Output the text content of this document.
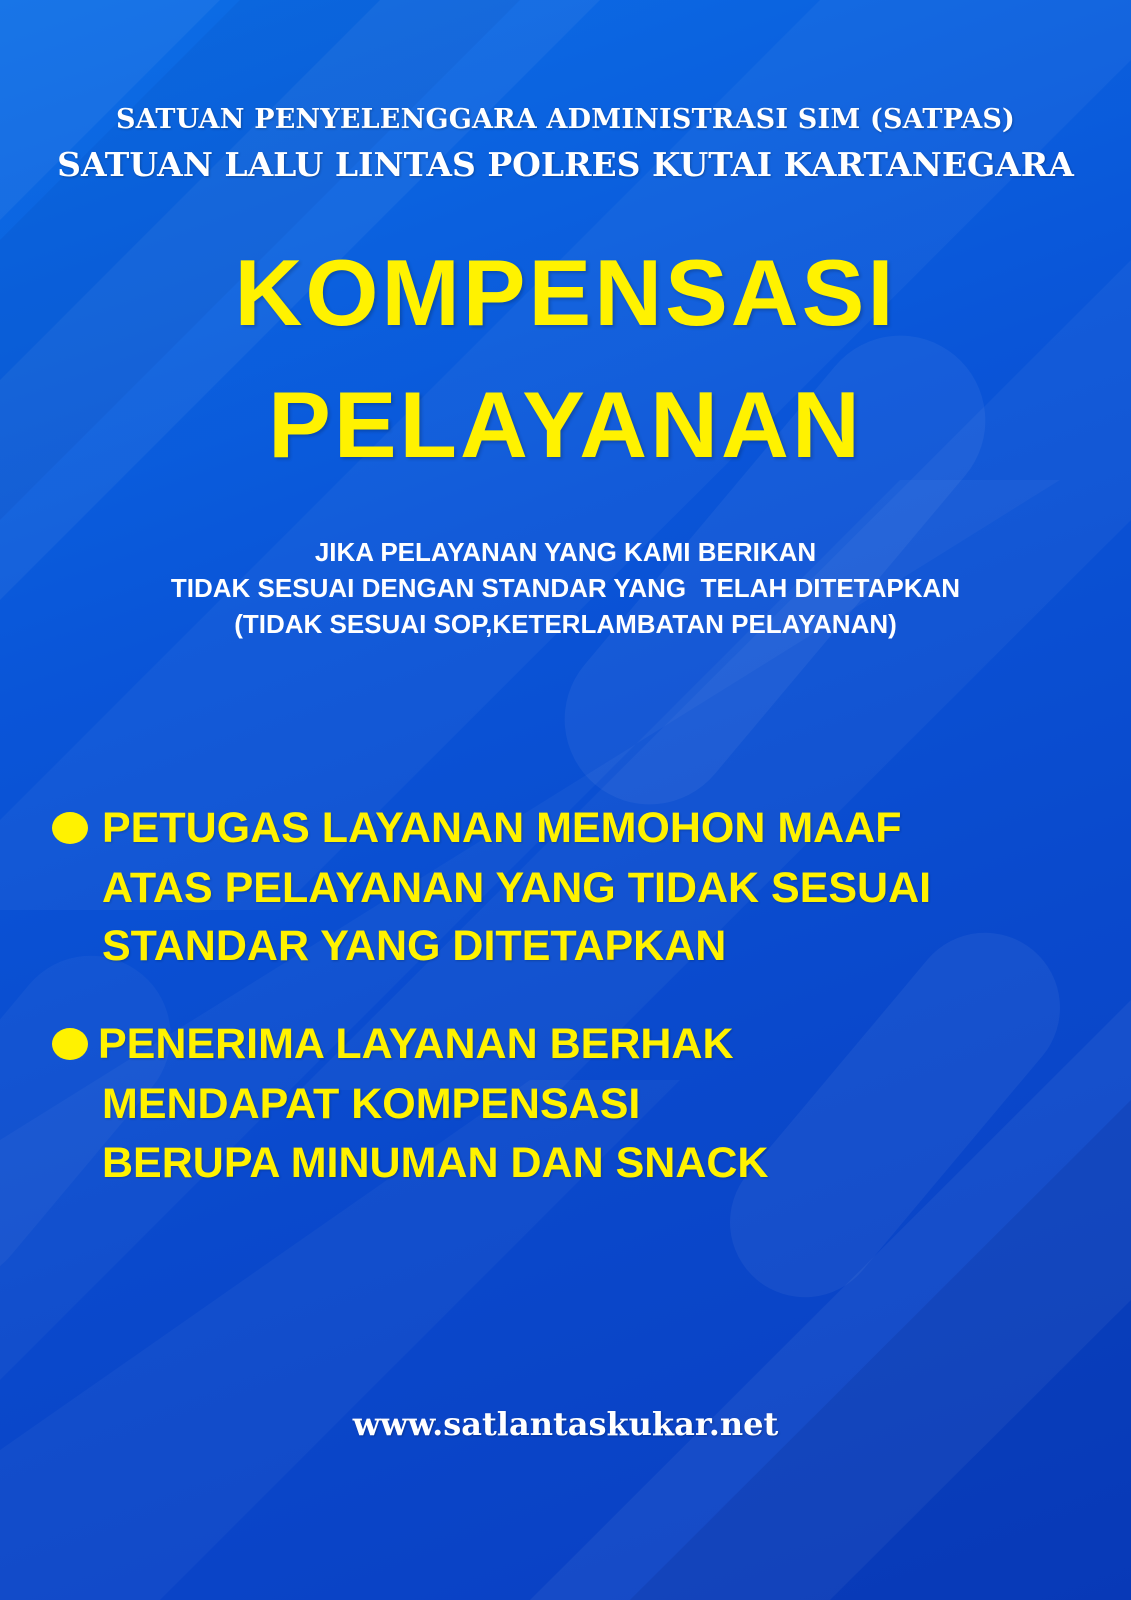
SATUAN PENYELENGGARA ADMINISTRASI SIM (SATPAS)
SATUAN LALU LINTAS POLRES KUTAI KARTANEGARA
KOMPENSASI
PELAYANAN
JIKA PELAYANAN YANG KAMI BERIKAN
TIDAK SESUAI DENGAN STANDAR YANG  TELAH DITETAPKAN
(TIDAK SESUAI SOP,KETERLAMBATAN PELAYANAN)
PETUGAS LAYANAN MEMOHON MAAF
ATAS PELAYANAN YANG TIDAK SESUAI
STANDAR YANG DITETAPKAN
PENERIMA LAYANAN BERHAK
MENDAPAT KOMPENSASI
BERUPA MINUMAN DAN SNACK
www.satlantaskukar.net
